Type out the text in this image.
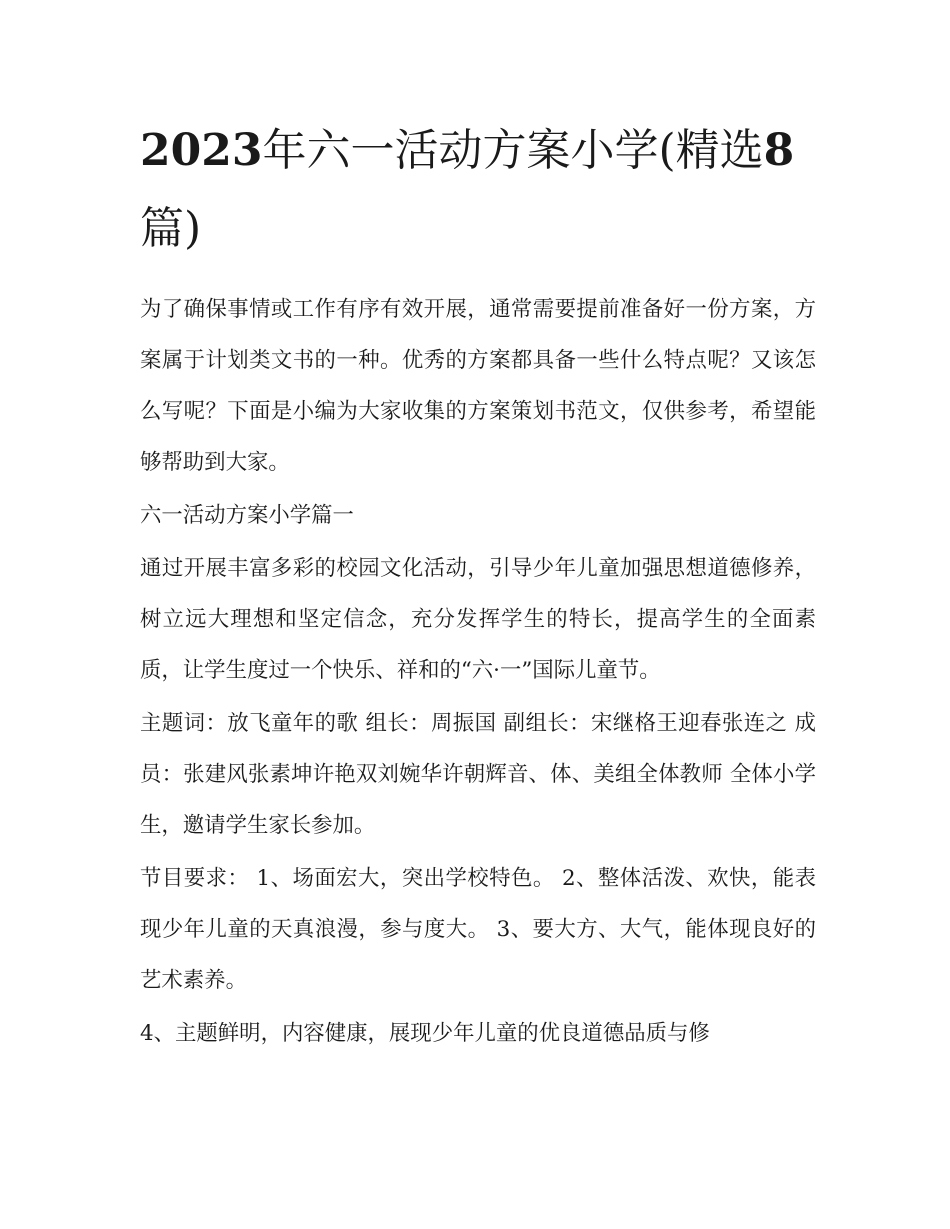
2023年六一活动方案小学(精选8篇)

为了确保事情或工作有序有效开展，通常需要提前准备好一份方案，方案属于计划类文书的一种。优秀的方案都具备一些什么特点呢？又该怎么写呢？下面是小编为大家收集的方案策划书范文，仅供参考，希望能够帮助到大家。

六一活动方案小学篇一

通过开展丰富多彩的校园文化活动，引导少年儿童加强思想道德修养，树立远大理想和坚定信念，充分发挥学生的特长，提高学生的全面素质，让学生度过一个快乐、祥和的“六·一”国际儿童节。

主题词：放飞童年的歌 组长：周振国 副组长：宋继格王迎春张连之 成员：张建风张素坤许艳双刘婉华许朝辉音、体、美组全体教师 全体小学生，邀请学生家长参加。

节目要求： 1、场面宏大，突出学校特色。 2、整体活泼、欢快，能表现少年儿童的天真浪漫，参与度大。 3、要大方、大气，能体现良好的艺术素养。

4、主题鲜明，内容健康，展现少年儿童的优良道德品质与修
